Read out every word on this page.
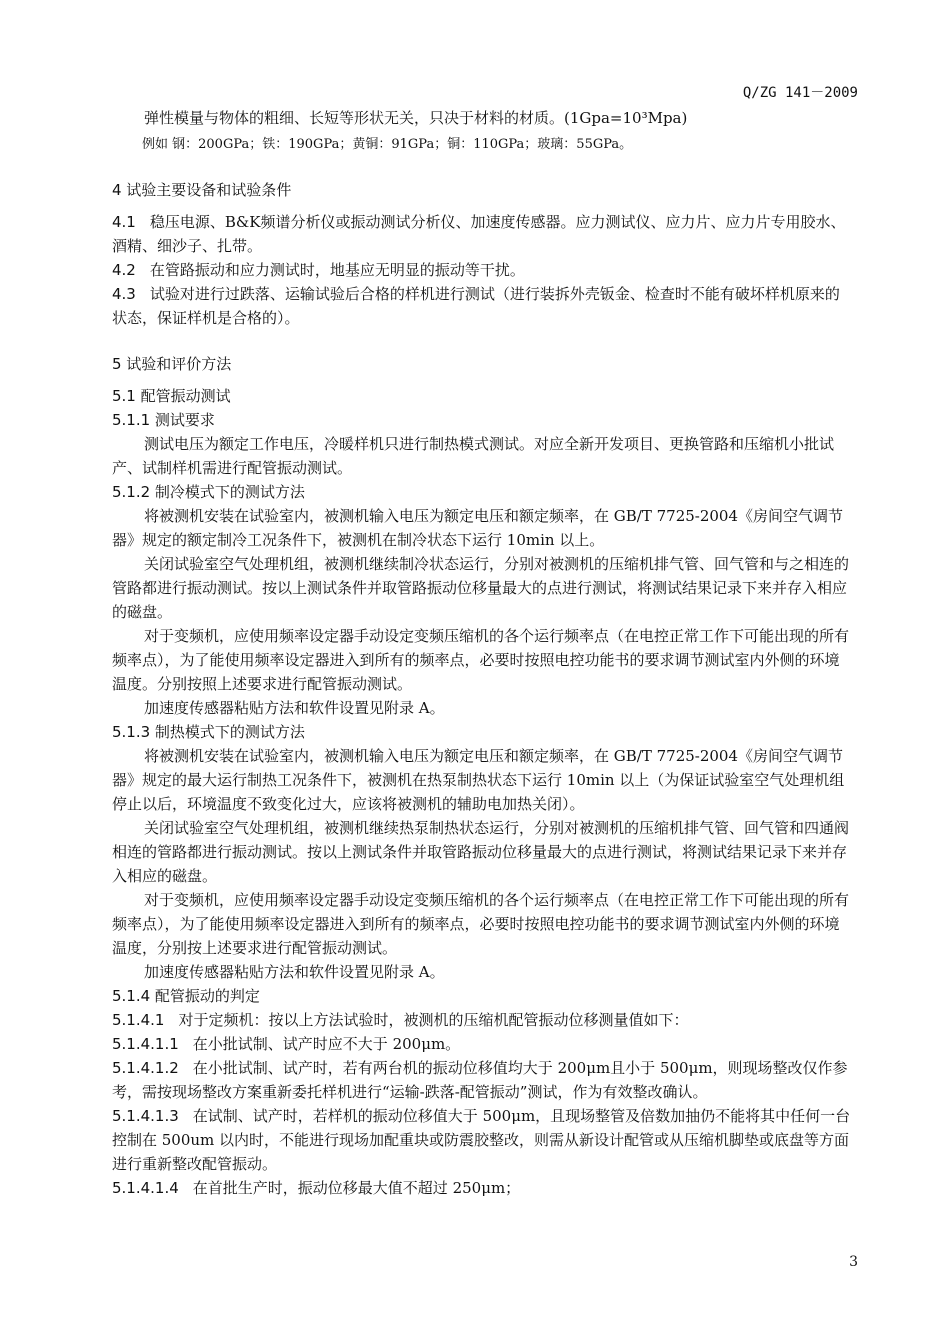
Q/ZG 141－2009

弹性模量与物体的粗细、长短等形状无关，只决于材料的材质。(1Gpa=10³Mpa)

例如 钢：200GPa；铁：190GPa；黄铜：91GPa；铜：110GPa；玻璃：55GPa。

4 试验主要设备和试验条件

4.1 稳压电源、B&K频谱分析仪或振动测试分析仪、加速度传感器。应力测试仪、应力片、应力片专用胶水、酒精、细沙子、扎带。

4.2 在管路振动和应力测试时，地基应无明显的振动等干扰。

4.3 试验对进行过跌落、运输试验后合格的样机进行测试（进行装拆外壳钣金、检查时不能有破坏样机原来的状态，保证样机是合格的）。

5 试验和评价方法

5.1 配管振动测试

5.1.1 测试要求

测试电压为额定工作电压，冷暖样机只进行制热模式测试。对应全新开发项目、更换管路和压缩机小批试产、试制样机需进行配管振动测试。

5.1.2 制冷模式下的测试方法

将被测机安装在试验室内，被测机输入电压为额定电压和额定频率，在 GB/T 7725-2004《房间空气调节器》规定的额定制冷工况条件下，被测机在制冷状态下运行 10min 以上。

关闭试验室空气处理机组，被测机继续制冷状态运行，分别对被测机的压缩机排气管、回气管和与之相连的管路都进行振动测试。按以上测试条件并取管路振动位移量最大的点进行测试，将测试结果记录下来并存入相应的磁盘。

对于变频机，应使用频率设定器手动设定变频压缩机的各个运行频率点（在电控正常工作下可能出现的所有频率点），为了能使用频率设定器进入到所有的频率点，必要时按照电控功能书的要求调节测试室内外侧的环境温度。分别按照上述要求进行配管振动测试。

加速度传感器粘贴方法和软件设置见附录 A。

5.1.3 制热模式下的测试方法

将被测机安装在试验室内，被测机输入电压为额定电压和额定频率，在 GB/T 7725-2004《房间空气调节器》规定的最大运行制热工况条件下，被测机在热泵制热状态下运行 10min 以上（为保证试验室空气处理机组停止以后，环境温度不致变化过大，应该将被测机的辅助电加热关闭）。

关闭试验室空气处理机组，被测机继续热泵制热状态运行，分别对被测机的压缩机排气管、回气管和四通阀相连的管路都进行振动测试。按以上测试条件并取管路振动位移量最大的点进行测试，将测试结果记录下来并存入相应的磁盘。

对于变频机，应使用频率设定器手动设定变频压缩机的各个运行频率点（在电控正常工作下可能出现的所有频率点），为了能使用频率设定器进入到所有的频率点，必要时按照电控功能书的要求调节测试室内外侧的环境温度，分别按上述要求进行配管振动测试。

加速度传感器粘贴方法和软件设置见附录 A。

5.1.4 配管振动的判定

5.1.4.1 对于定频机：按以上方法试验时，被测机的压缩机配管振动位移测量值如下：

5.1.4.1.1 在小批试制、试产时应不大于 200μm。

5.1.4.1.2 在小批试制、试产时，若有两台机的振动位移值均大于 200μm且小于 500μm，则现场整改仅作参考，需按现场整改方案重新委托样机进行“运输-跌落-配管振动”测试，作为有效整改确认。

5.1.4.1.3 在试制、试产时，若样机的振动位移值大于 500μm，且现场整管及倍数加抽仍不能将其中任何一台控制在 500um 以内时，不能进行现场加配重块或防震胶整改，则需从新设计配管或从压缩机脚垫或底盘等方面进行重新整改配管振动。

5.1.4.1.4 在首批生产时，振动位移最大值不超过 250μm；

3
